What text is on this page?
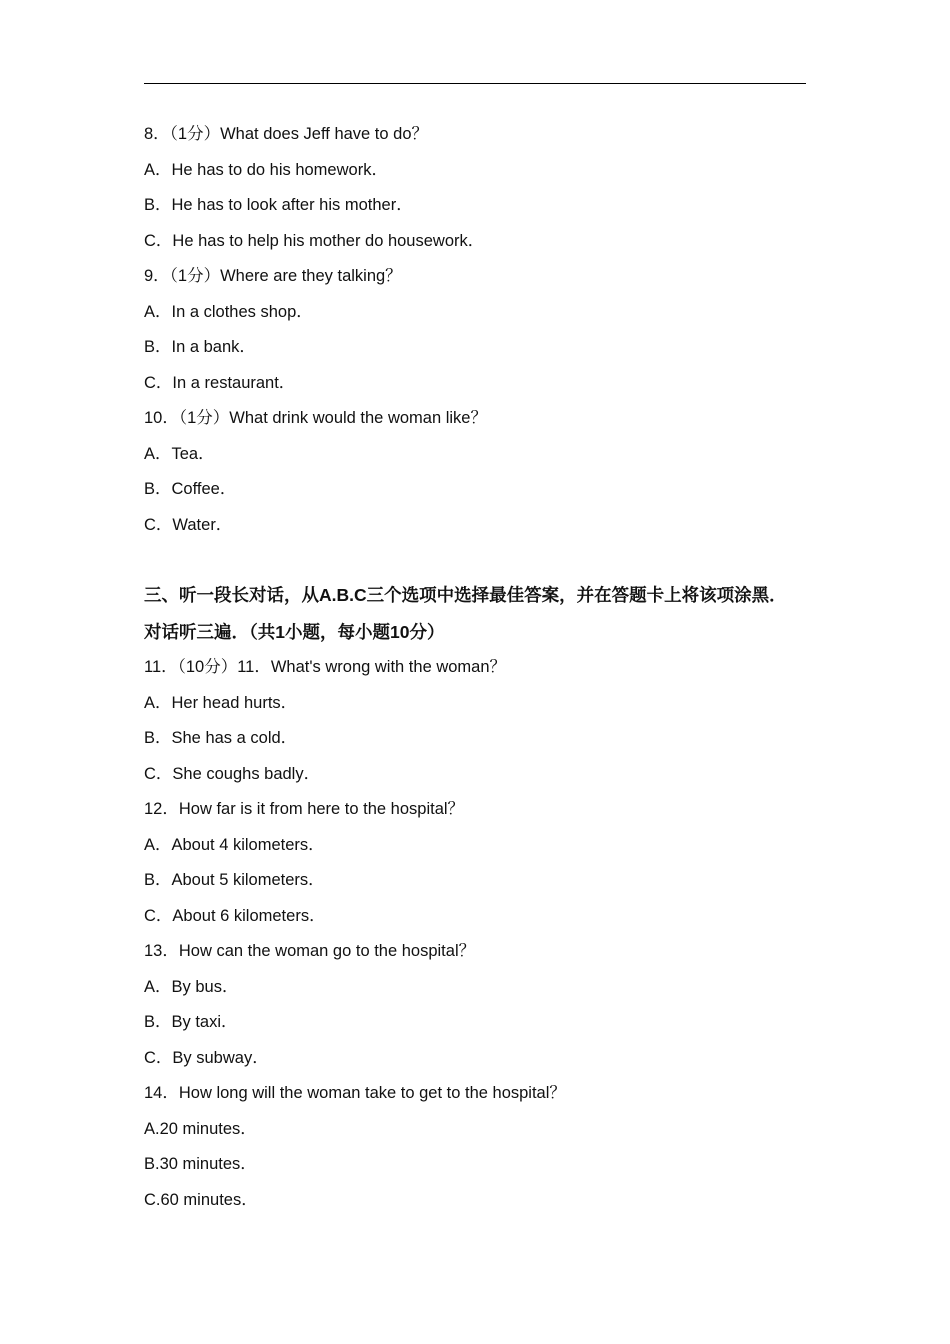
8．（1分）What does Jeff have to do？
A．He has to do his homework．
B．He has to look after his mother．
C．He has to help his mother do housework．
9．（1分）Where are they talking？
A．In a clothes shop．
B．In a bank．
C．In a restaurant．
10．（1分）What drink would the woman like？
A．Tea．
B．Coffee．
C．Water．
三、听一段长对话，从A.B.C三个选项中选择最佳答案，并在答题卡上将该项涂黑．
对话听三遍．（共1小题，每小题10分）
11．（10分）11．What's wrong with the woman？
A．Her head hurts．
B．She has a cold．
C．She coughs badly．
12．How far is it from here to the hospital？
A．About 4 kilometers．
B．About 5 kilometers．
C．About 6 kilometers．
13．How can the woman go to the hospital？
A．By bus．
B．By taxi．
C．By subway．
14．How long will the woman take to get to the hospital？
A.20 minutes．
B.30 minutes．
C.60 minutes．
